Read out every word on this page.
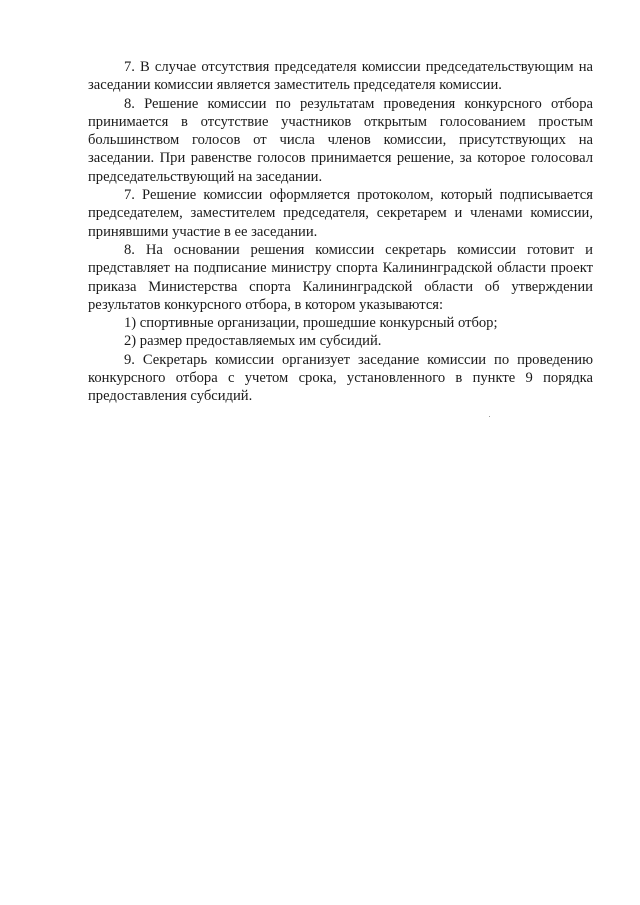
7. В случае отсутствия председателя комиссии председательствующим на заседании комиссии является заместитель председателя комиссии.

8. Решение комиссии по результатам проведения конкурсного отбора принимается в отсутствие участников открытым голосованием простым большинством голосов от числа членов комиссии, присутствующих на заседании. При равенстве голосов принимается решение, за которое голосовал председательствующий на заседании.

7. Решение комиссии оформляется протоколом, который подписывается председателем, заместителем председателя, секретарем и членами комиссии, принявшими участие в ее заседании.

8. На основании решения комиссии секретарь комиссии готовит и представляет на подписание министру спорта Калининградской области проект приказа Министерства спорта Калининградской области об утверждении результатов конкурсного отбора, в котором указываются:

1) спортивные организации, прошедшие конкурсный отбор;

2) размер предоставляемых им субсидий.

9. Секретарь комиссии организует заседание комиссии по проведению конкурсного отбора с учетом срока, установленного в пункте 9 порядка предоставления субсидий.
